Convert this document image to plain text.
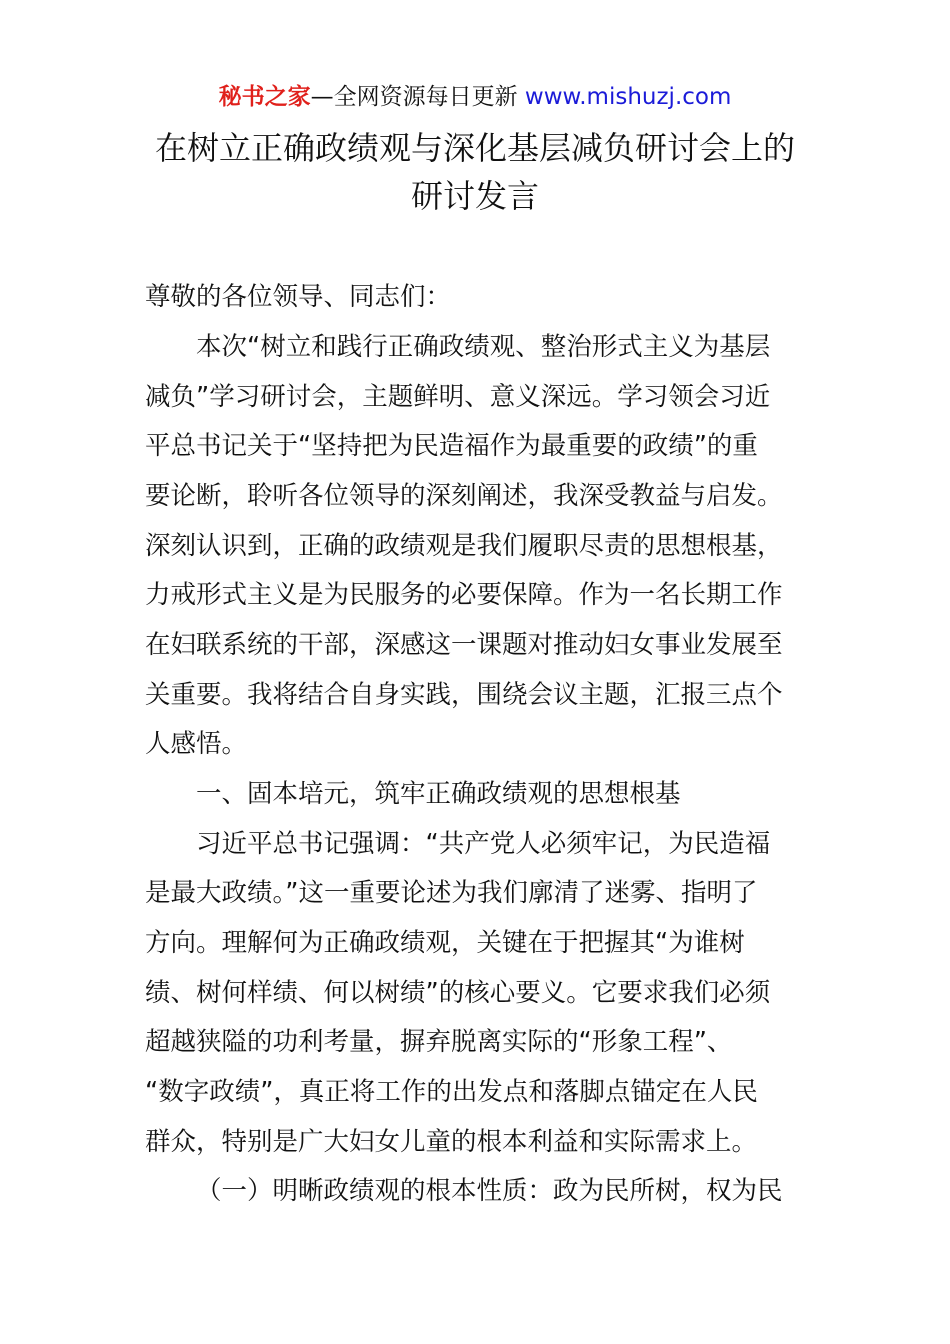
秘书之家—全网资源每日更新 www.mishuzj.com
在树立正确政绩观与深化基层减负研讨会上的
研讨发言
尊敬的各位领导、同志们：
本次“树立和践行正确政绩观、整治形式主义为基层
减负”学习研讨会，主题鲜明、意义深远。学习领会习近
平总书记关于“坚持把为民造福作为最重要的政绩”的重
要论断，聆听各位领导的深刻阐述，我深受教益与启发。
深刻认识到，正确的政绩观是我们履职尽责的思想根基，
力戒形式主义是为民服务的必要保障。作为一名长期工作
在妇联系统的干部，深感这一课题对推动妇女事业发展至
关重要。我将结合自身实践，围绕会议主题，汇报三点个
人感悟。
一、固本培元，筑牢正确政绩观的思想根基
习近平总书记强调：“共产党人必须牢记，为民造福
是最大政绩。”这一重要论述为我们廓清了迷雾、指明了
方向。理解何为正确政绩观，关键在于把握其“为谁树
绩、树何样绩、何以树绩”的核心要义。它要求我们必须
超越狭隘的功利考量，摒弃脱离实际的“形象工程”、
“数字政绩”，真正将工作的出发点和落脚点锚定在人民
群众，特别是广大妇女儿童的根本利益和实际需求上。
（一）明晰政绩观的根本性质：政为民所树，权为民
